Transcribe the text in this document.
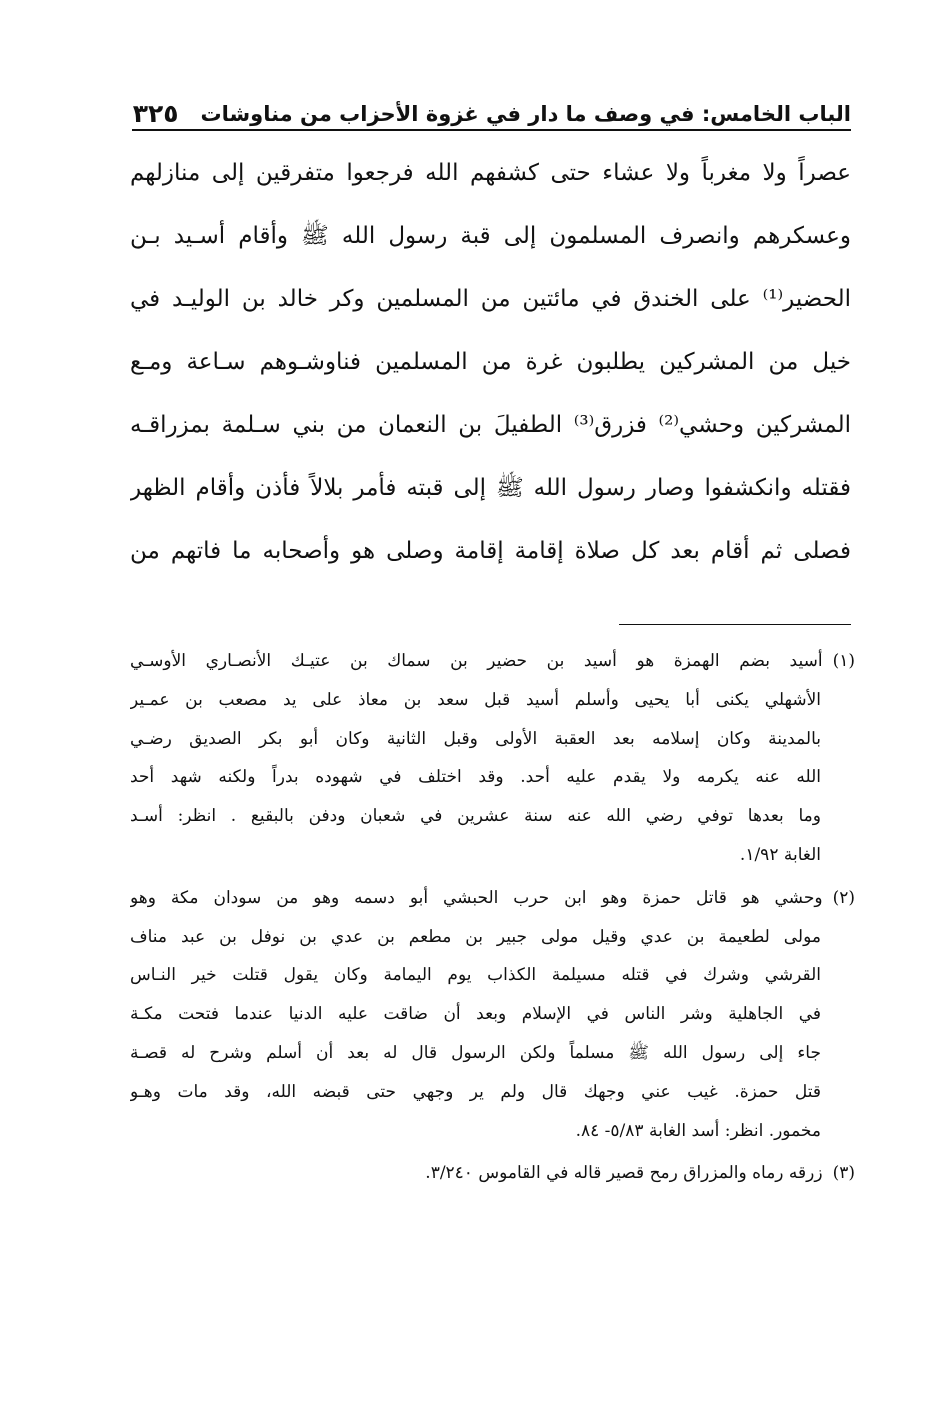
الباب الخامس: في وصف ما دار في غزوة الأحزاب من مناوشات
٣٢٥
عصراً ولا مغرباً ولا عشاء حتى كشفهم الله فرجعوا متفرقين إلى منازلهم
وعسكرهم وانصرف المسلمون إلى قبة رسول الله ﷺ وأقام أسـيد بـن
الحضير⁽¹⁾ على الخندق في مائتين من المسلمين وكر خالد بن الوليـد في
خيل من المشركين يطلبون غرة من المسلمين فناوشـوهم سـاعة ومـع
المشركين وحشي⁽²⁾ فزرق⁽³⁾ الطفيلَ بن النعمان من بني سـلمة بمزراقـه
فقتله وانكشفوا وصار رسول الله ﷺ إلى قبته فأمر بلالاً فأذن وأقام الظهر
فصلى ثم أقام بعد كل صلاة إقامة إقامة وصلى هو وأصحابه ما فاتهم من
(١)أسيد بضم الهمزة هو أسيد بن حضير بن سماك بن عتيـك الأنصـاري الأوسـي
الأشهلي يكنى أبا يحيى وأسلم أسيد قبل سعد بن معاذ على يد مصعب بن عمـير
بالمدينة وكان إسلامه بعد العقبة الأولى وقبل الثانية وكان أبو بكر الصديق رضـي
الله عنه يكرمه ولا يقدم عليه أحد. وقد اختلف في شهوده بدراً ولكنه شهد أحد
وما بعدها توفي رضي الله عنه سنة عشرين في شعبان ودفن بالبقيع . انظر: أسـد
الغابة ١/٩٢.
(٢)وحشي هو قاتل حمزة وهو ابن حرب الحبشي أبو دسمه وهو من سودان مكة وهو
مولى لطعيمة بن عدي وقيل مولى جبير بن مطعم بن عدي بن نوفل بن عبد مناف
القرشي وشرك في قتله مسيلمة الكذاب يوم اليمامة وكان يقول قتلت خير النـاس
في الجاهلية وشر الناس في الإسلام وبعد أن ضاقت عليه الدنيا عندما فتحت مكـة
جاء إلى رسول الله ﷺ مسلماً ولكن الرسول قال له بعد أن أسلم وشرح له قصـة
قتل حمزة. غيب عني وجهك قال ولم ير وجهي حتى قبضه الله، وقد مات وهـو
مخمور. انظر: أسد الغابة ٥/٨٣- ٨٤.
(٣)زرقه رماه والمزراق رمح قصير قاله في القاموس ٣/٢٤٠.
